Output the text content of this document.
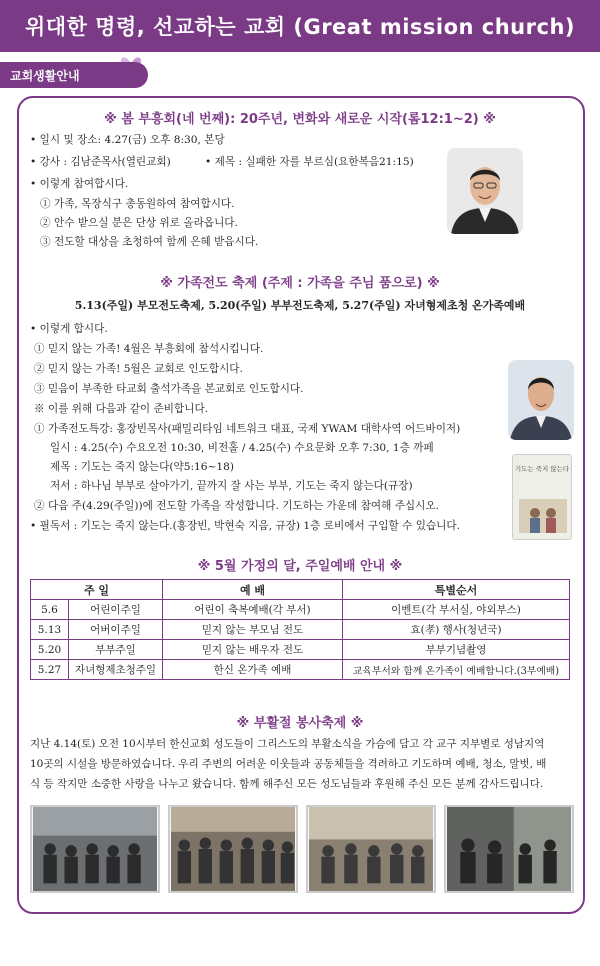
위대한 명령, 선교하는 교회 (Great mission church)
교회생활안내
※ 봄 부흥회(네 번째): 20주년, 변화와 새로운 시작(롬12:1~2) ※
• 일시 및 장소: 4.27(금) 오후 8:30, 본당
• 강사 : 김남준목사(열린교회)	• 제목 : 실패한 자를 부르심(요한복음21:15)
• 이렇게 참여합시다.
① 가족, 목장식구 총동원하여 참여합시다.
② 안수 받으실 분은 단상 위로 올라옵니다.
③ 전도할 대상을 초청하여 함께 은혜 받읍시다.
※ 가족전도 축제 (주제 : 가족을 주님 품으로) ※
5.13(주일) 부모전도축제, 5.20(주일) 부부전도축제, 5.27(주일) 자녀형제초청 온가족예배
• 이렇게 합시다.
① 믿지 않는 가족! 4월은 부흥회에 참석시킵니다.
② 믿지 않는 가족! 5월은 교회로 인도합시다.
③ 믿음이 부족한 타교회 출석가족을 본교회로 인도합시다.
※ 이를 위해 다음과 같이 준비합니다.
① 가족전도특강: 홍장빈목사(패밀리타임 네트워크 대표, 국제 YWAM 대학사역 어드바이저)
일시 : 4.25(수) 수요오전 10:30, 비전홀 / 4.25(수) 수요문화 오후 7:30, 1층 까페
제목 : 기도는 죽지 않는다(약5:16~18)
저서 : 하나님 부부로 살아가기, 끝까지 잘 사는 부부, 기도는 죽지 않는다(규장)
② 다음 주(4.29(주일))에 전도할 가족을 작성합니다. 기도하는 가운데 참여해 주십시오.
• 필독서 : 기도는 죽지 않는다.(홍장빈, 박현숙 지음, 규장) 1층 로비에서 구입할 수 있습니다.
기도는 죽지 않는다
※ 5월 가정의 달, 주일예배 안내 ※
주 일		예 배	특별순서
5.6	어린이주일	어린이 축복예배(각 부서)	이벤트(각 부서실, 야외부스)
5.13	어버이주일	믿지 않는 부모님 전도	효(孝) 행사(청년국)
5.20	부부주일	믿지 않는 배우자 전도	부부기념촬영
5.27	자녀형제초청주일	한신 온가족 예배	교육부서와 함께 온가족이 예배합니다.(3부예배)
※ 부활절 봉사축제 ※
지난 4.14(토) 오전 10시부터 한신교회 성도들이 그리스도의 부활소식을 가슴에 담고 각 교구 지부별로 성남지역
10곳의 시설을 방문하였습니다. 우리 주변의 어려운 이웃들과 공동체들을 격려하고 기도하며 예배, 청소, 말벗, 배
식 등 작지만 소중한 사랑을 나누고 왔습니다. 함께 해주신 모든 성도님들과 후원해 주신 모든 분께 감사드립니다.
